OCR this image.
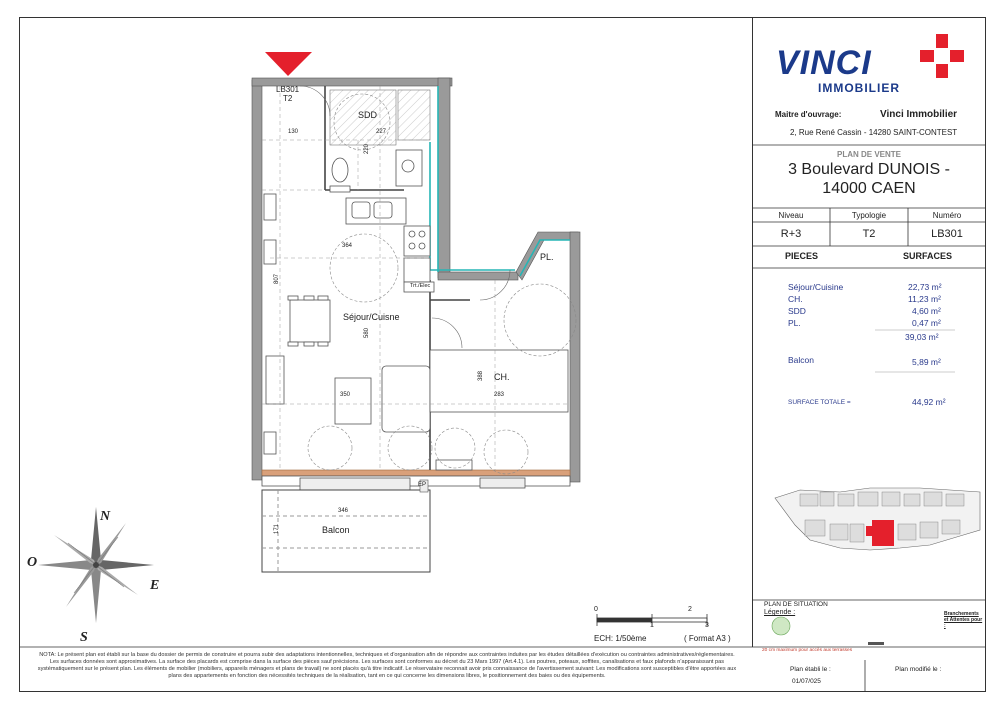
LB301
T2
SDD
Séjour/Cuisne
CH.
PL.
Balcon
Trt./Elec
EP
130	227
220
364
807
580
350
388
283
346
171
N
E
S
O
0
1
2
3
ECH: 1/50ème	( Format A3 )
VINCI
IMMOBILIER
Maitre d'ouvrage:	Vinci Immobilier
2, Rue René Cassin - 14280 SAINT-CONTEST
PLAN DE VENTE
3 Boulevard DUNOIS -
14000 CAEN
Niveau	Typologie	Numéro
R+3	T2	LB301
PIECES	SURFACES
Séjour/Cuisine	22,73 m²
CH.	11,23 m²
SDD	4,60 m²
PL.	0,47 m²
39,03 m²
Balcon	5,89 m²
SURFACE TOTALE =	44,92 m²
PLAN DE SITUATION
Légende :
20 cm maximum pour accès aux terrasses
Branchements et Attentes pour :
Plan établi le :
01/07/025
Plan modifié le :
NOTA: Le présent plan est établi sur la base du dossier de permis de construire et pourra subir des adaptations intentionnelles, techniques et d'organisation afin de répondre aux contraintes induites par les études détaillées d'exécution ou contraintes administratives/réglementaires. Les surfaces données sont approximatives. La surface des placards est comprise dans la surface des pièces sauf précisions. Les surfaces sont conformes au décret du 23 Mars 1997 (Art.4.1). Les poutres, poteaux, soffites, canalisations et faux plafonds n'apparaissant pas systématiquement sur le présent plan. Les éléments de mobilier (mobiliers, appareils ménagers et plans de travail) ne sont placés qu'à titre indicatif. Le réservataire reconnait avoir pris connaissance de l'avertissement suivant: Les modifications sont susceptibles d'être apportées aux plans des appartements en fonction des nécessités techniques de la réalisation, tant en ce qui concerne les dimensions libres, le positionnement des baies ou des équipements.
